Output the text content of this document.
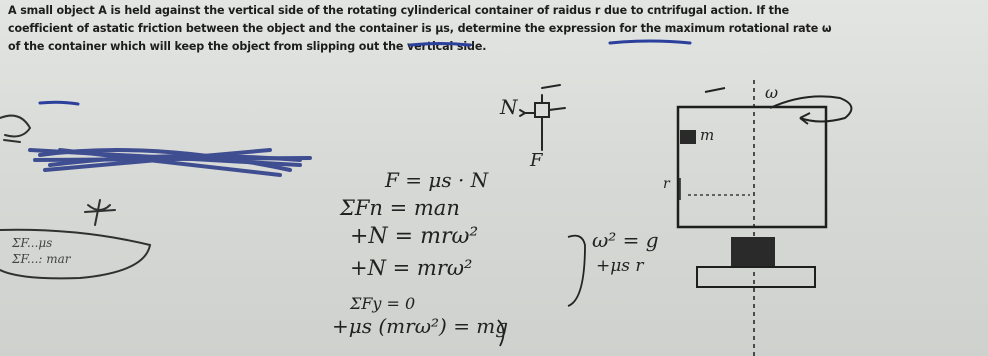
A small object A is held against the vertical side of the rotating cylinderical container of raidus r due to cntrifugal action. If the
coefficient of astatic friction between the object and the container is μs, determine the expression for the maximum rotational rate ω
of the container which will keep the object from slipping out the vertical side.
ω
m
r
N
F
F = μs · N
ΣFn = man
+N = mrω²
+N = mrω²
ΣFy = 0
+μs (mrω²) = mg
ω² = g
+μs r
ΣF...μs
ΣF...: mar
